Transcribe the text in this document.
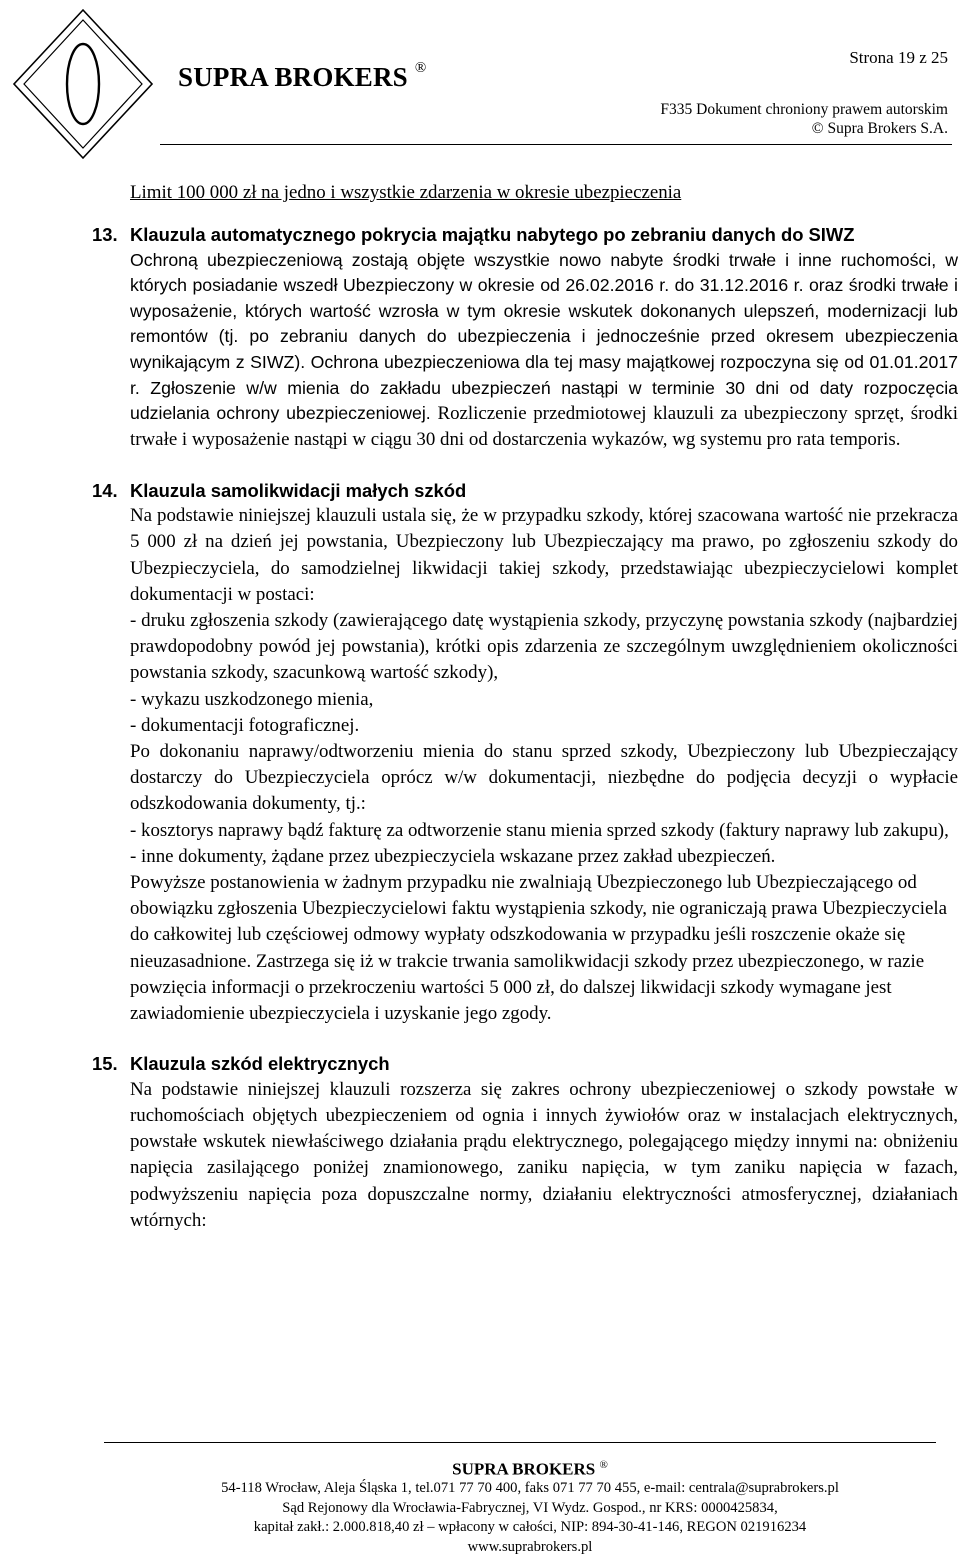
SUPRA BROKERS ®
Strona 19 z 25
F335 Dokument chroniony prawem autorskim
© Supra Brokers S.A.
Limit 100 000 zł na jedno i wszystkie zdarzenia w okresie ubezpieczenia
13. Klauzula automatycznego pokrycia majątku nabytego po zebraniu danych do SIWZ

Ochroną ubezpieczeniową zostają objęte wszystkie nowo nabyte środki trwałe i inne ruchomości, w których posiadanie wszedł Ubezpieczony w okresie od 26.02.2016 r. do 31.12.2016 r. oraz środki trwałe i wyposażenie, których wartość wzrosła w tym okresie wskutek dokonanych ulepszeń, modernizacji lub remontów (tj. po zebraniu danych do ubezpieczenia i jednocześnie przed okresem ubezpieczenia wynikającym z SIWZ). Ochrona ubezpieczeniowa dla tej masy majątkowej rozpoczyna się od 01.01.2017 r. Zgłoszenie w/w mienia do zakładu ubezpieczeń nastąpi w terminie 30 dni od daty rozpoczęcia udzielania ochrony ubezpieczeniowej. Rozliczenie przedmiotowej klauzuli za ubezpieczony sprzęt, środki trwałe i wyposażenie nastąpi w ciągu 30 dni od dostarczenia wykazów, wg systemu pro rata temporis.

14. Klauzula samolikwidacji małych szkód

Na podstawie niniejszej klauzuli ustala się, że w przypadku szkody, której szacowana wartość nie przekracza 5 000 zł na dzień jej powstania, Ubezpieczony lub Ubezpieczający ma prawo, po zgłoszeniu szkody do Ubezpieczyciela, do samodzielnej likwidacji takiej szkody, przedstawiając ubezpieczycielowi komplet dokumentacji w postaci:

- druku zgłoszenia szkody (zawierającego datę wystąpienia szkody, przyczynę powstania szkody (najbardziej prawdopodobny powód jej powstania), krótki opis zdarzenia ze szczególnym uwzględnieniem okoliczności powstania szkody, szacunkową wartość szkody),

- wykazu uszkodzonego mienia,

- dokumentacji fotograficznej.

Po dokonaniu naprawy/odtworzeniu mienia do stanu sprzed szkody, Ubezpieczony lub Ubezpieczający dostarczy do Ubezpieczyciela oprócz w/w dokumentacji, niezbędne do podjęcia decyzji o wypłacie odszkodowania dokumenty, tj.:

- kosztorys naprawy bądź fakturę za odtworzenie stanu mienia sprzed szkody (faktury naprawy lub zakupu),

- inne dokumenty, żądane przez ubezpieczyciela wskazane przez zakład ubezpieczeń.

Powyższe postanowienia w żadnym przypadku nie zwalniają Ubezpieczonego lub Ubezpieczającego od obowiązku zgłoszenia Ubezpieczycielowi faktu wystąpienia szkody, nie ograniczają prawa Ubezpieczyciela do całkowitej lub częściowej odmowy wypłaty odszkodowania w przypadku jeśli roszczenie okaże się nieuzasadnione. Zastrzega się iż w trakcie trwania samolikwidacji szkody przez ubezpieczonego, w razie powzięcia informacji o przekroczeniu wartości 5 000 zł, do dalszej likwidacji szkody wymagane jest zawiadomienie ubezpieczyciela i uzyskanie jego zgody.

15. Klauzula szkód elektrycznych

Na podstawie niniejszej klauzuli rozszerza się zakres ochrony ubezpieczeniowej o szkody powstałe w ruchomościach objętych ubezpieczeniem od ognia i innych żywiołów oraz w instalacjach elektrycznych, powstałe wskutek niewłaściwego działania prądu elektrycznego, polegającego między innymi na: obniżeniu napięcia zasilającego poniżej znamionowego, zaniku napięcia, w tym zaniku napięcia w fazach, podwyższeniu napięcia poza dopuszczalne normy, działaniu elektryczności atmosferycznej, działaniach wtórnych:

SUPRA BROKERS ®
54-118 Wrocław, Aleja Śląska 1, tel.071 77 70 400, faks 071 77 70 455, e-mail: centrala@suprabrokers.pl
Sąd Rejonowy dla Wrocławia-Fabrycznej, VI Wydz. Gospod., nr KRS: 0000425834,
kapitał zakł.: 2.000.818,40 zł – wpłacony w całości, NIP: 894-30-41-146, REGON 021916234
www.suprabrokers.pl
